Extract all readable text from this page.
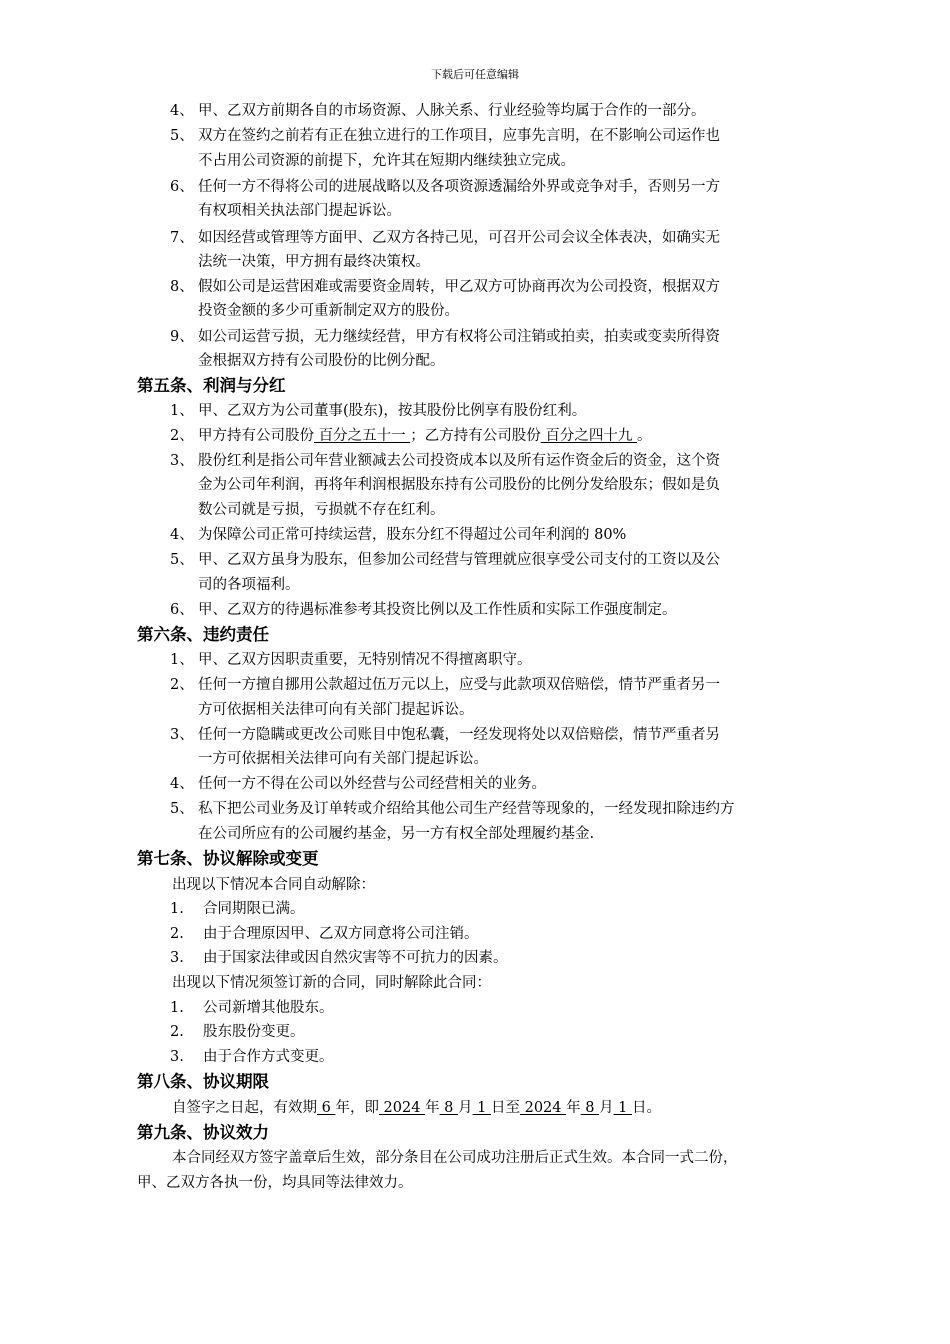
下载后可任意编辑
4、 甲、乙双方前期各自的市场资源、人脉关系、行业经验等均属于合作的一部分。
5、 双方在签约之前若有正在独立进行的工作项目，应事先言明，在不影响公司运作也
不占用公司资源的前提下，允许其在短期内继续独立完成。
6、 任何一方不得将公司的进展战略以及各项资源透漏给外界或竞争对手，否则另一方
有权项相关执法部门提起诉讼。
7、 如因经营或管理等方面甲、乙双方各持己见，可召开公司会议全体表决，如确实无
法统一决策，甲方拥有最终决策权。
8、 假如公司是运营困难或需要资金周转，甲乙双方可协商再次为公司投资，根据双方
投资金额的多少可重新制定双方的股份。
9、 如公司运营亏损，无力继续经营，甲方有权将公司注销或拍卖，拍卖或变卖所得资
金根据双方持有公司股份的比例分配。
第五条、利润与分红
1、 甲、乙双方为公司董事(股东)，按其股份比例享有股份红利。
2、 甲方持有公司股份 百分之五十一 ；乙方持有公司股份 百分之四十九 。
3、 股份红利是指公司年营业额减去公司投资成本以及所有运作资金后的资金，这个资
金为公司年利润，再将年利润根据股东持有公司股份的比例分发给股东；假如是负
数公司就是亏损，亏损就不存在红利。
4、 为保障公司正常可持续运营，股东分红不得超过公司年利润的 80%
5、 甲、乙双方虽身为股东，但参加公司经营与管理就应很享受公司支付的工资以及公
司的各项福利。
6、 甲、乙双方的待遇标准参考其投资比例以及工作性质和实际工作强度制定。
第六条、违约责任
1、 甲、乙双方因职责重要，无特别情况不得擅离职守。
2、 任何一方擅自挪用公款超过伍万元以上，应受与此款项双倍赔偿，情节严重者另一
方可依据相关法律可向有关部门提起诉讼。
3、 任何一方隐瞒或更改公司账目中饱私囊，一经发现将处以双倍赔偿，情节严重者另
一方可依据相关法律可向有关部门提起诉讼。
4、 任何一方不得在公司以外经营与公司经营相关的业务。
5、 私下把公司业务及订单转或介绍给其他公司生产经营等现象的，一经发现扣除违约方
在公司所应有的公司履约基金，另一方有权全部处理履约基金.
第七条、协议解除或变更
出现以下情况本合同自动解除：
1. 合同期限已满。
2. 由于合理原因甲、乙双方同意将公司注销。
3. 由于国家法律或因自然灾害等不可抗力的因素。
出现以下情况须签订新的合同，同时解除此合同：
1. 公司新增其他股东。
2. 股东股份变更。
3. 由于合作方式变更。
第八条、协议期限
自签字之日起，有效期 6 年，即 2024 年 8 月 1 日至 2024 年 8 月 1 日。
第九条、协议效力
本合同经双方签字盖章后生效，部分条目在公司成功注册后正式生效。本合同一式二份，
甲、乙双方各执一份，均具同等法律效力。
